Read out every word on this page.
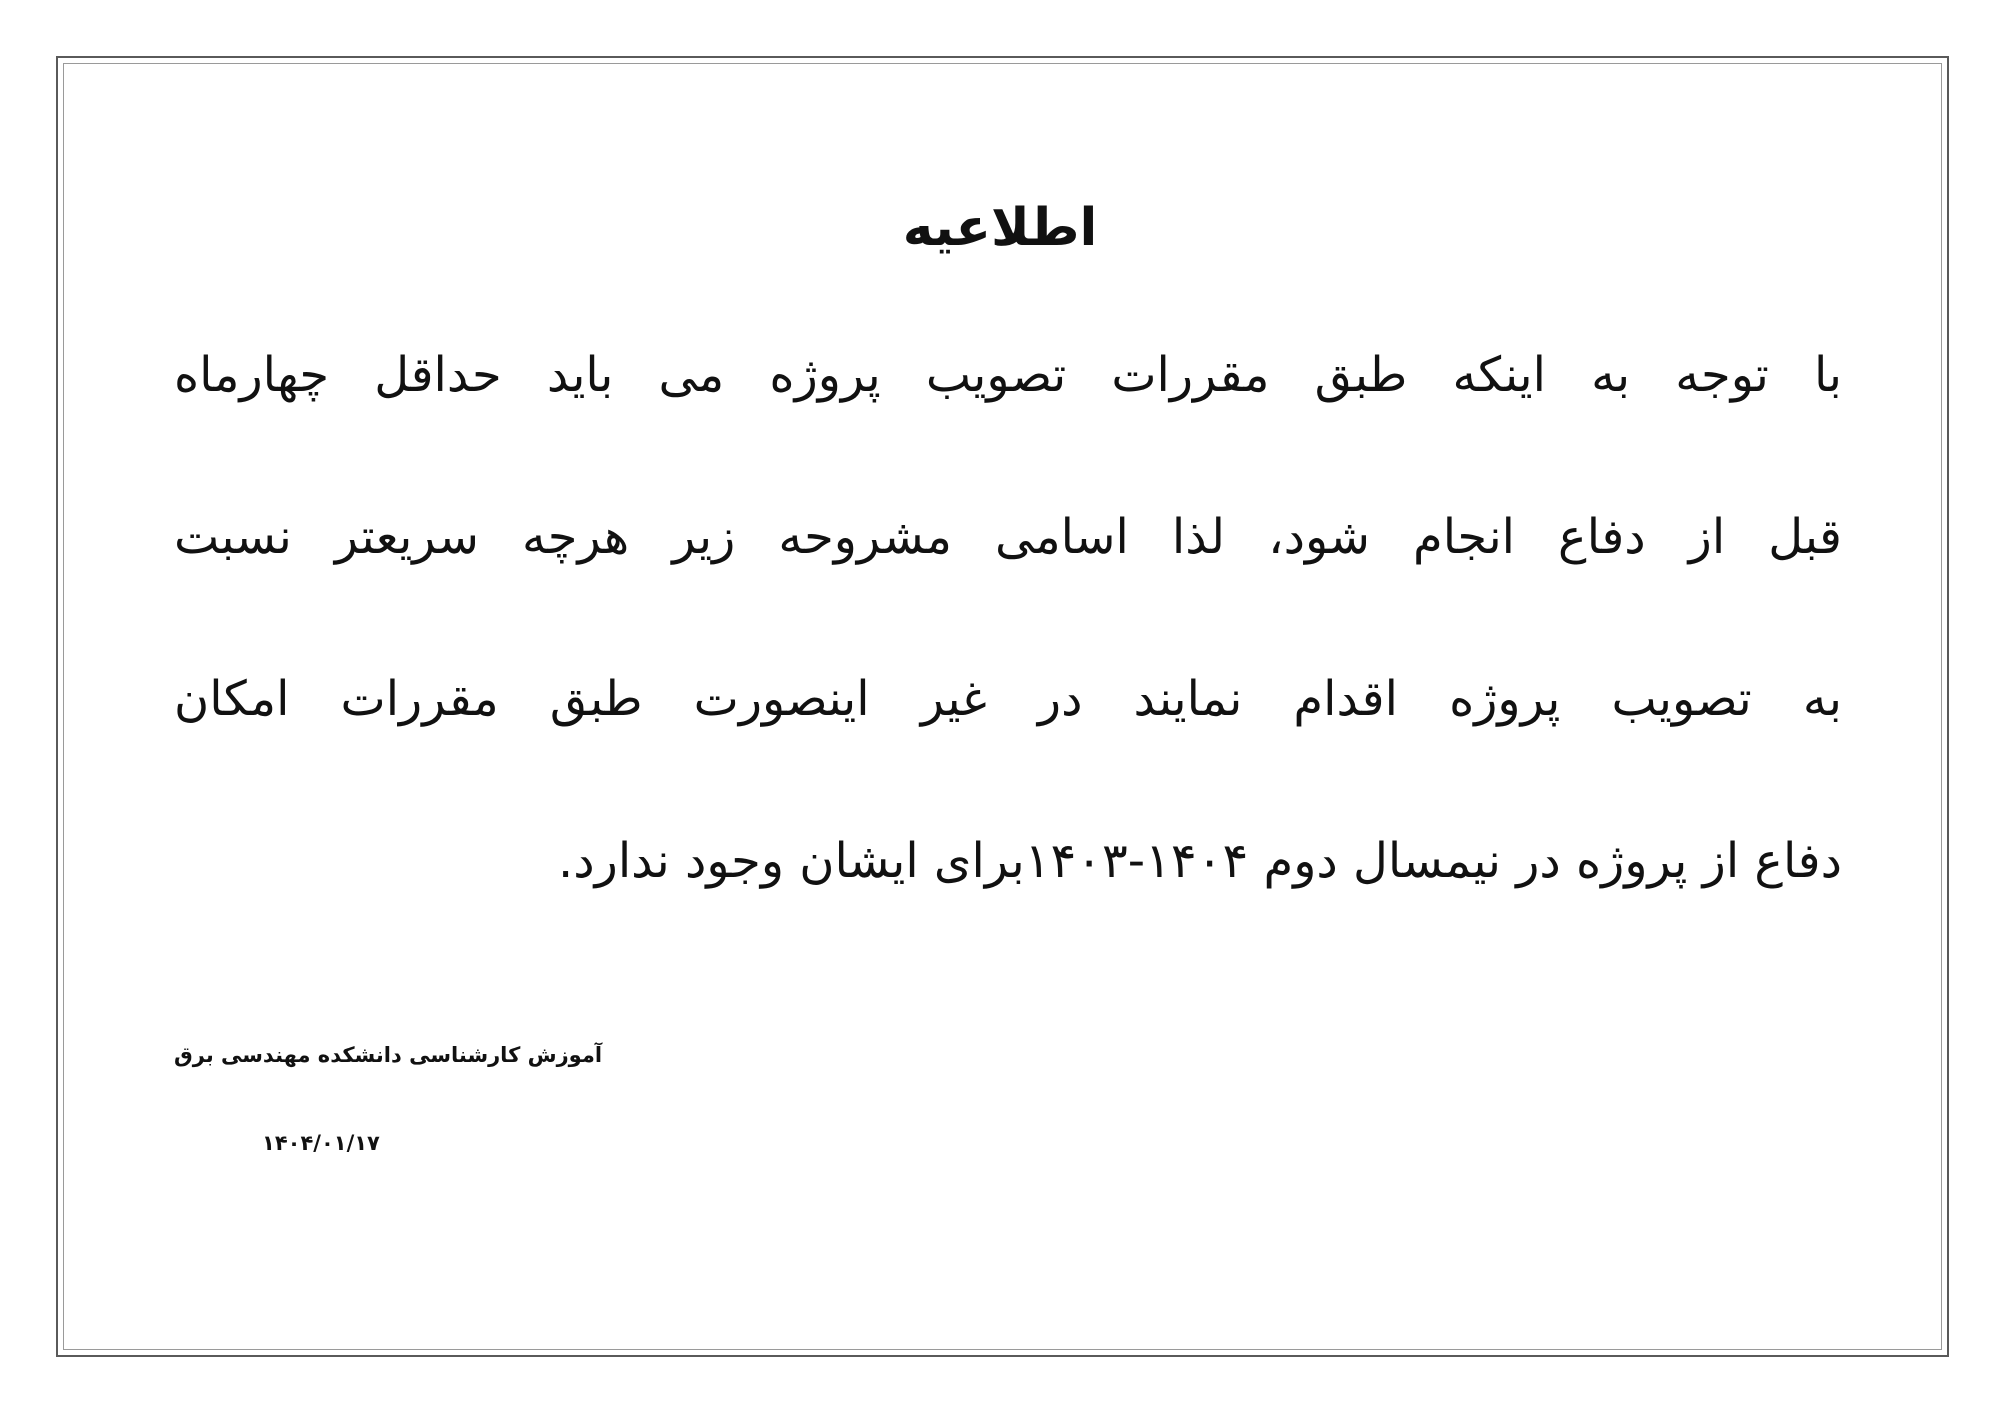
اطلاعیه
با توجه به اینکه طبق مقررات تصویب پروژه می باید حداقل چهارماه
قبل از دفاع انجام شود، لذا اسامی مشروحه زیر هرچه سریعتر نسبت
به تصویب پروژه اقدام نمایند در غیر اینصورت طبق مقررات امکان
دفاع از پروژه در نیمسال دوم ۱۴۰۴-۱۴۰۳برای ایشان وجود ندارد.
آموزش کارشناسی دانشکده مهندسی برق
۱۴۰۴/۰۱/۱۷
